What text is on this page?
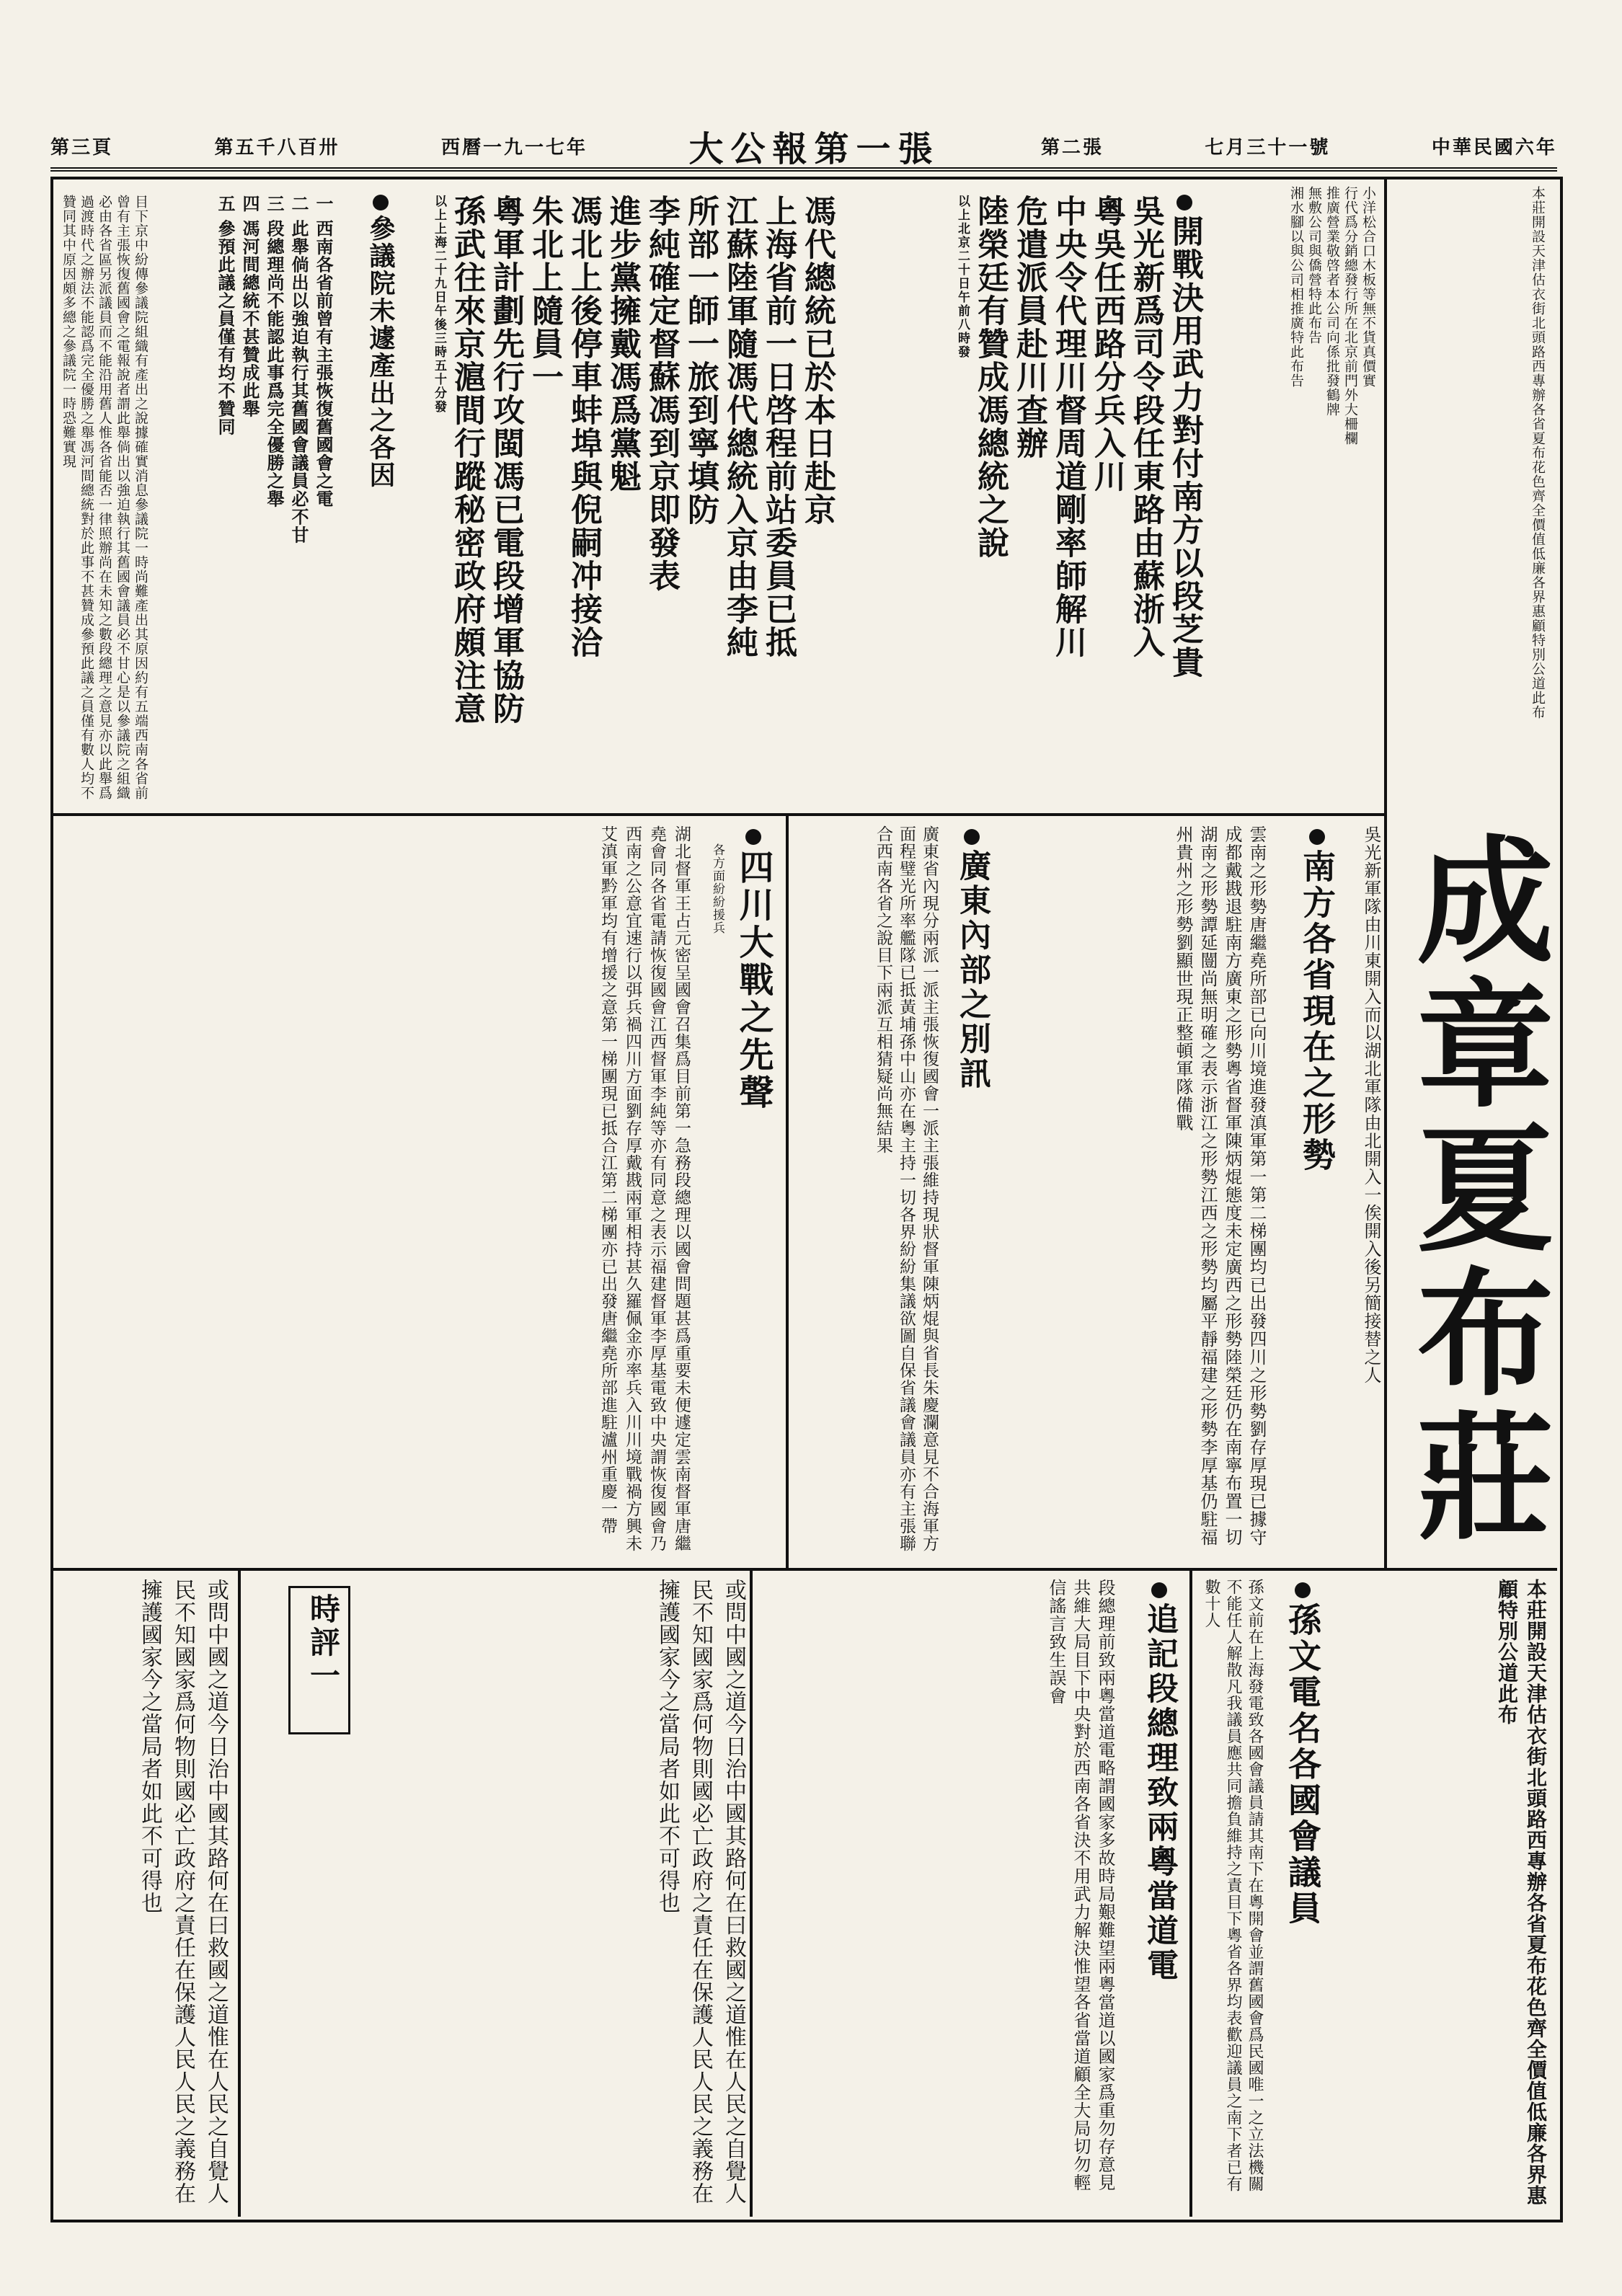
第三頁	第五千八百卅	西曆一九一七年	大公報第一張	第二張	七月三十一號	中華民國六年
小洋松合口木板等無不貨真價實
行代爲分銷總發行所在北京前門外大柵欄
推廣營業敬啓者本公司向係批發鶴牌
無敷公司與僑營特此布告
湘水腳以與公司相推廣特此布告
開戰決用武力對付南方以段芝貴
吳光新爲司令段任東路由蘇浙入
粵吳任西路分兵入川
中央令代理川督周道剛率師解川
危遣派員赴川查辦
陸榮廷有贊成馮總統之說
以上北京二十日午前八時發
馮代總統已於本日赴京
上海省前一日啓程前站委員已抵
江蘇陸軍隨馮代總統入京由李純
所部一師一旅到寧填防
李純確定督蘇馮到京即發表
進步黨擁戴馮爲黨魁
馮北上後停車蚌埠與倪嗣冲接洽
朱北上隨員一
粵軍計劃先行攻閩馮已電段增軍協防
孫武往來京滬間行蹤秘密政府頗注意
以上上海二十九日午後三時五十分發
參議院未遽產出之各因
一 西南各省前曾有主張恢復舊國會之電
二 此舉倘出以強迫執行其舊國會議員必不甘
三 段總理尚不能認此事爲完全優勝之舉
四 馮河間總統不甚贊成此舉
五 參預此議之員僅有均不贊同
目下京中紛傳參議院組織有產出之說據確實消息參議院一時尚難產出其原因約有五端西南各省前曾有主張恢復舊國會之電報說者謂此舉倘出以強迫執行其舊國會議員必不甘心是以參議院之組織必由各省區另派議員而不能沿用舊人惟各省能否一律照辦尚在未知之數段總理之意見亦以此舉爲過渡時代之辦法不能認爲完全優勝之舉馮河間總統對於此事不甚贊成參預此議之員僅有數人均不贊同其中原因頗多總之參議院一時恐難實現
成章夏布莊
本莊開設天津估衣街北頭路西專辦各省夏布花色齊全價值低廉各界惠顧特別公道此布
四川大戰之先聲
各方面紛紛援兵
湖北督軍王占元密呈國會召集爲目前第一急務段總理以國會問題甚爲重要未便遽定雲南督軍唐繼堯會同各省電請恢復國會江西督軍李純等亦有同意之表示福建督軍李厚基電致中央謂恢復國會乃西南之公意宜速行以弭兵禍四川方面劉存厚戴戡兩軍相持甚久羅佩金亦率兵入川川境戰禍方興未艾滇軍黔軍均有增援之意第一梯團現已抵合江第二梯團亦已出發唐繼堯所部進駐瀘州重慶一帶	南方各省現在之形勢	吳光新軍隊由川東開入而以湖北軍隊由北開入一俟開入後另簡接替之人
雲南之形勢唐繼堯所部已向川境進發滇軍第一第二梯團均已出發四川之形勢劉存厚現已據守成都戴戡退駐南方廣東之形勢粵省督軍陳炳焜態度未定廣西之形勢陸榮廷仍在南寧布置一切湖南之形勢譚延闓尚無明確之表示浙江之形勢江西之形勢均屬平靜福建之形勢李厚基仍駐福州貴州之形勢劉顯世現正整頓軍隊備戰
廣東內部之別訊
廣東省內現分兩派一派主張恢復國會一派主張維持現狀督軍陳炳焜與省長朱慶瀾意見不合海軍方面程璧光所率艦隊已抵黃埔孫中山亦在粵主持一切各界紛紛集議欲圖自保省議會議員亦有主張聯合西南各省之說目下兩派互相猜疑尚無結果
孫文電名各國會議員
孫文前在上海發電致各國會議員請其南下在粵開會並謂舊國會爲民國唯一之立法機關不能任人解散凡我議員應共同擔負維持之責目下粵省各界均表歡迎議員之南下者已有數十人	本莊開設天津估衣街北頭路西專辦各省夏布花色齊全價值低廉各界惠顧特別公道此布
追記段總理致兩粵當道電
段總理前致兩粵當道電略謂國家多故時局艱難望兩粵當道以國家爲重勿存意見共維大局目下中央對於西南各省決不用武力解決惟望各省當道顧全大局切勿輕信謠言致生誤會
時評一	或問中國之道今日治中國其路何在曰救國之道惟在人民之自覺人民不知國家爲何物則國必亡政府之責任在保護人民人民之義務在擁護國家今之當局者如此不可得也
或問中國之道今日治中國其路何在曰救國之道惟在人民之自覺人民不知國家爲何物則國必亡政府之責任在保護人民人民之義務在擁護國家今之當局者如此不可得也
